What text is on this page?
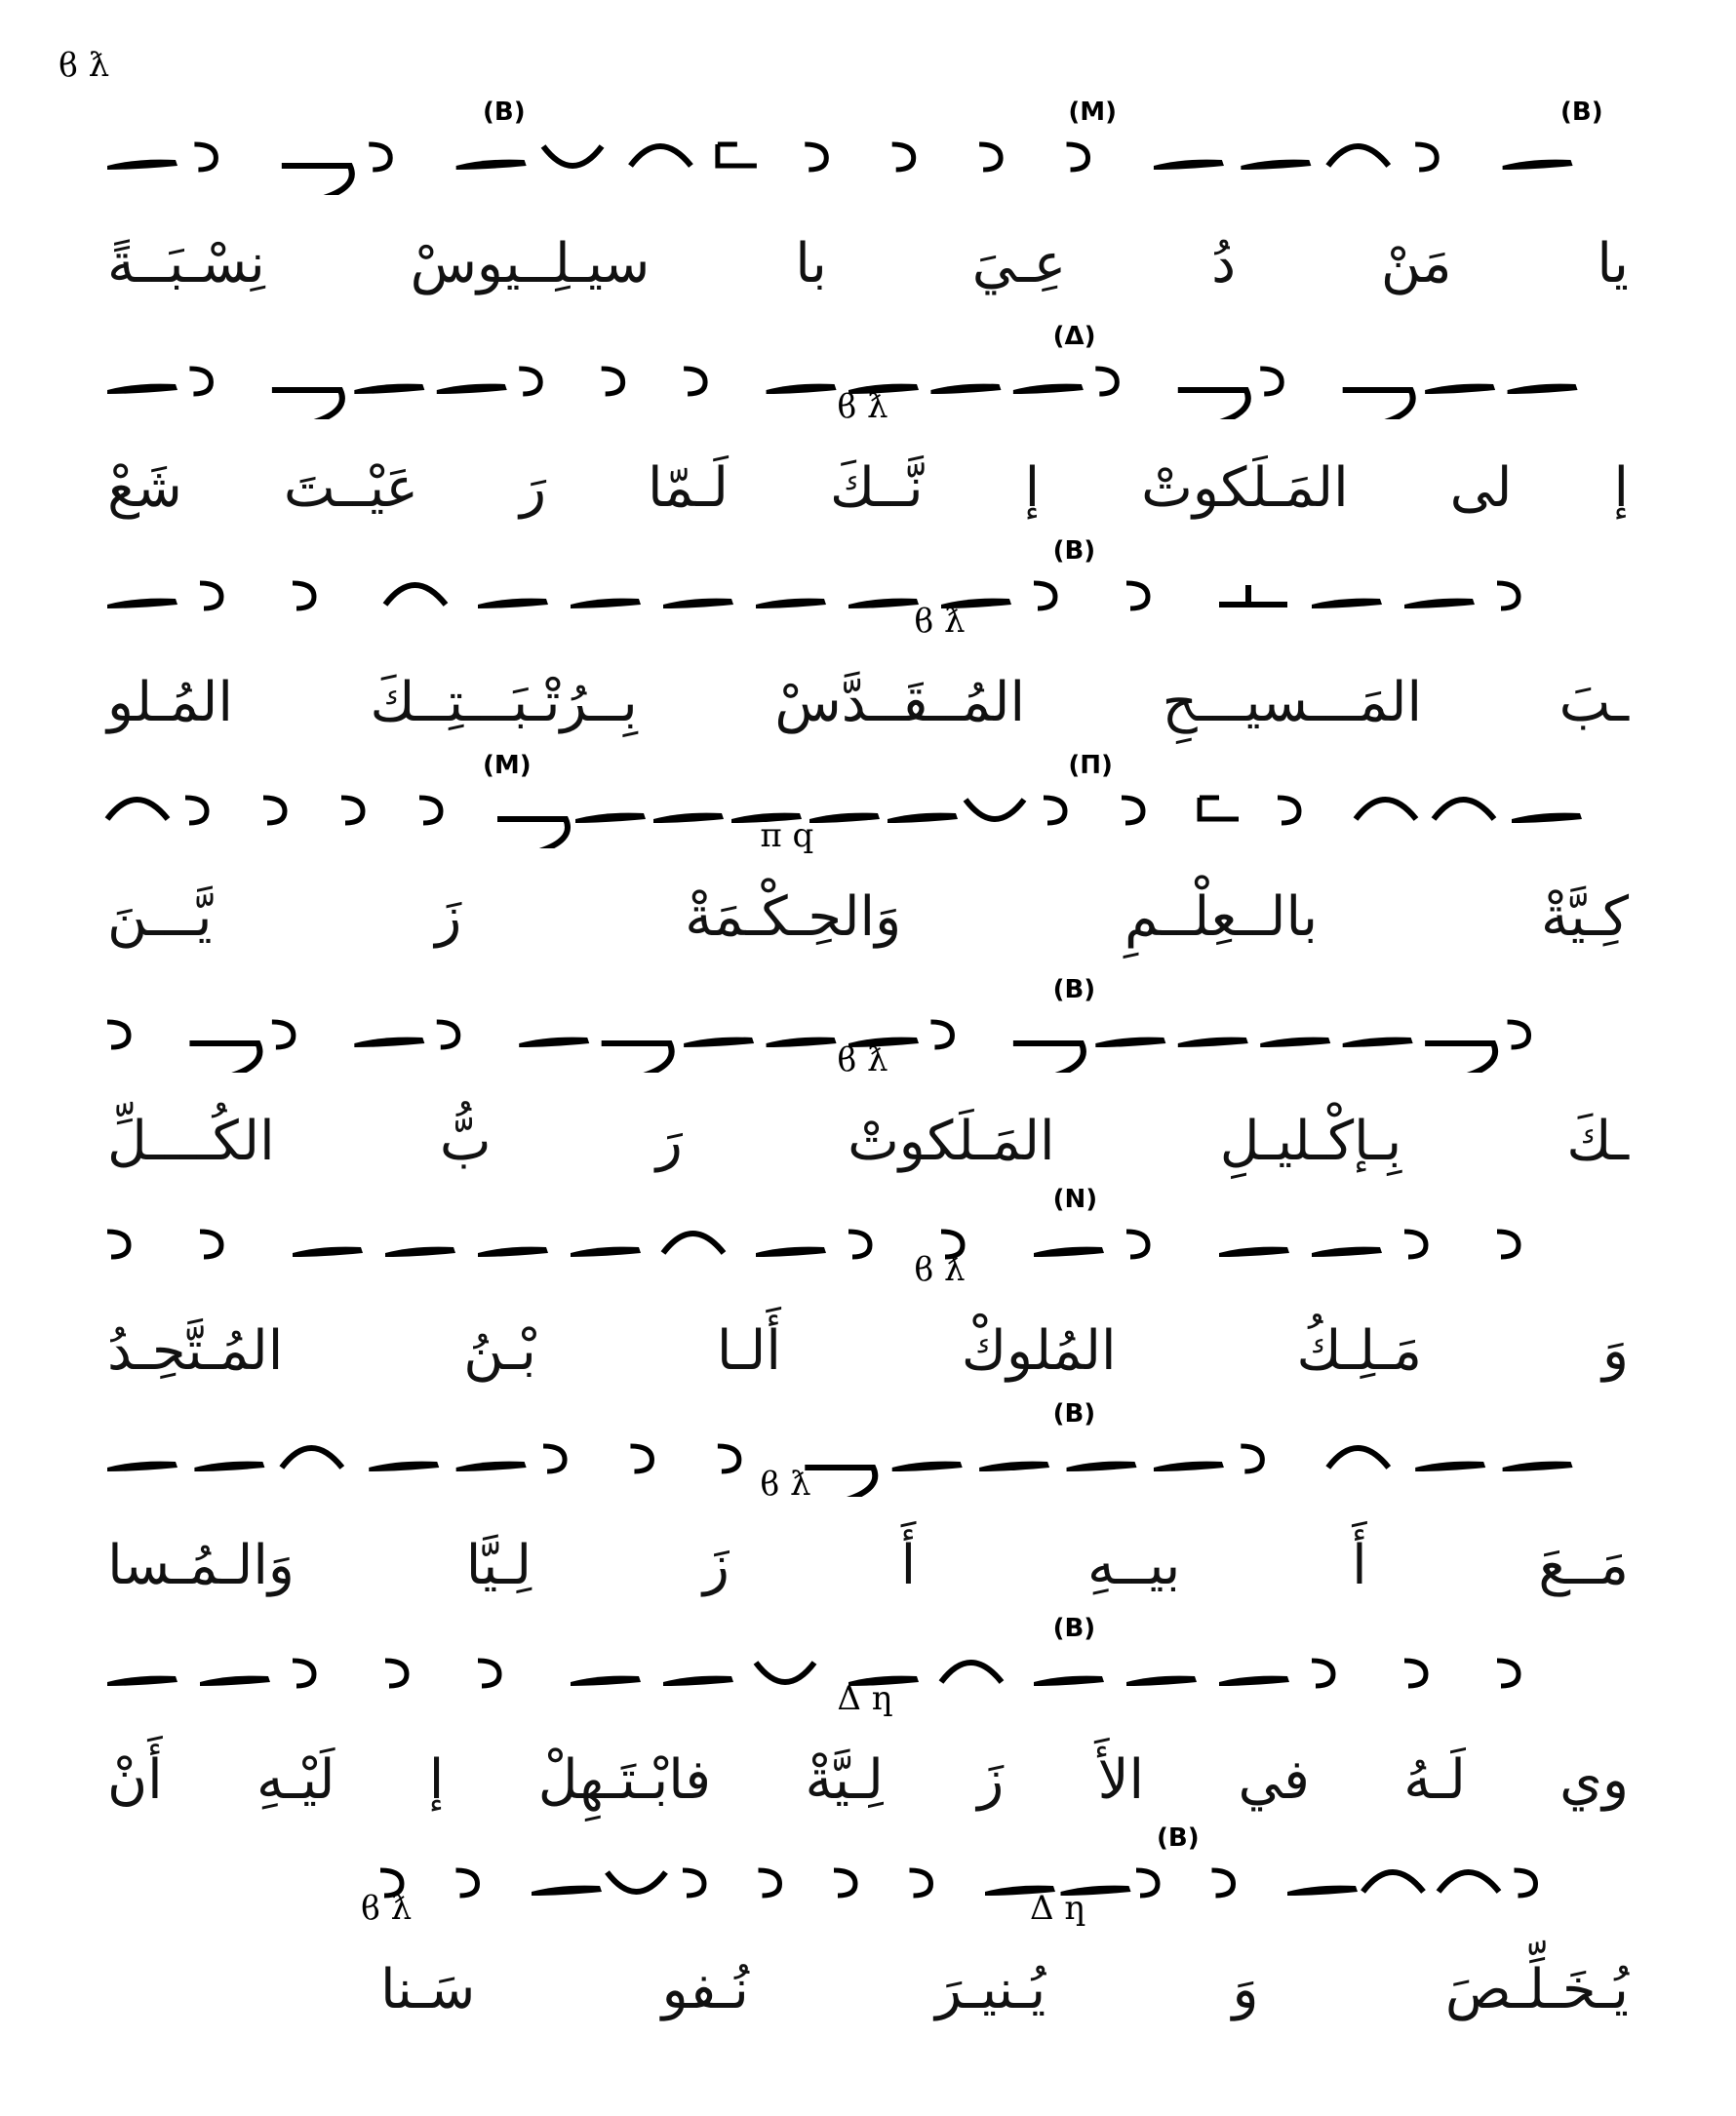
(B)	(M)	(B)
ϐ ƛ
يا
مَنْ
دُ
عِـيَ
با
سيـلِــيوسْ
نِسْـبَــةً
(Δ)
ϐ ƛ
إ
لى
المَـلَكوتْ
إ
نَّــكَ
لَـمّا
رَ
عَيْــتَ
شَعْ
(B)
ϐ ƛ
ـبَ
المَـــسيـــحِ
المُــقَــدَّسْ
بِــرُتْـبَـــتِــكَ
المُـلو
(M)	(Π)
π q
كِـيَّةْ
بالــعِلْــمِ
وَالحِـكْـمَةْ
زَ
يَّـــنَ
(B)
ϐ ƛ
ـكَ
بِـإكْـليـلِ
المَـلَكوتْ
رَ
بُّ
الكُــــلِّ
(N)
ϐ ƛ
وَ
مَـلِـكُ
المُلوكْ
أَلـا
بْـنُ
المُـتَّحِـدُ
(B)
ϐ ƛ
مَــعَ
أَ
بيــهِ
أَ
زَ
لِـيَّا
وَالـمُـسا
(B)
Δ ƞ
وي
لَـهُ
في
الأَ
زَ
لِـيَّةْ
فابْـتَـهِلْ
إ
لَيْـهِ
أَنْ
(B)
ϐ ƛ	Δ ƞ
يُـخَـلِّـصَ
وَ
يُـنيـرَ
نُـفو
سَـنا
